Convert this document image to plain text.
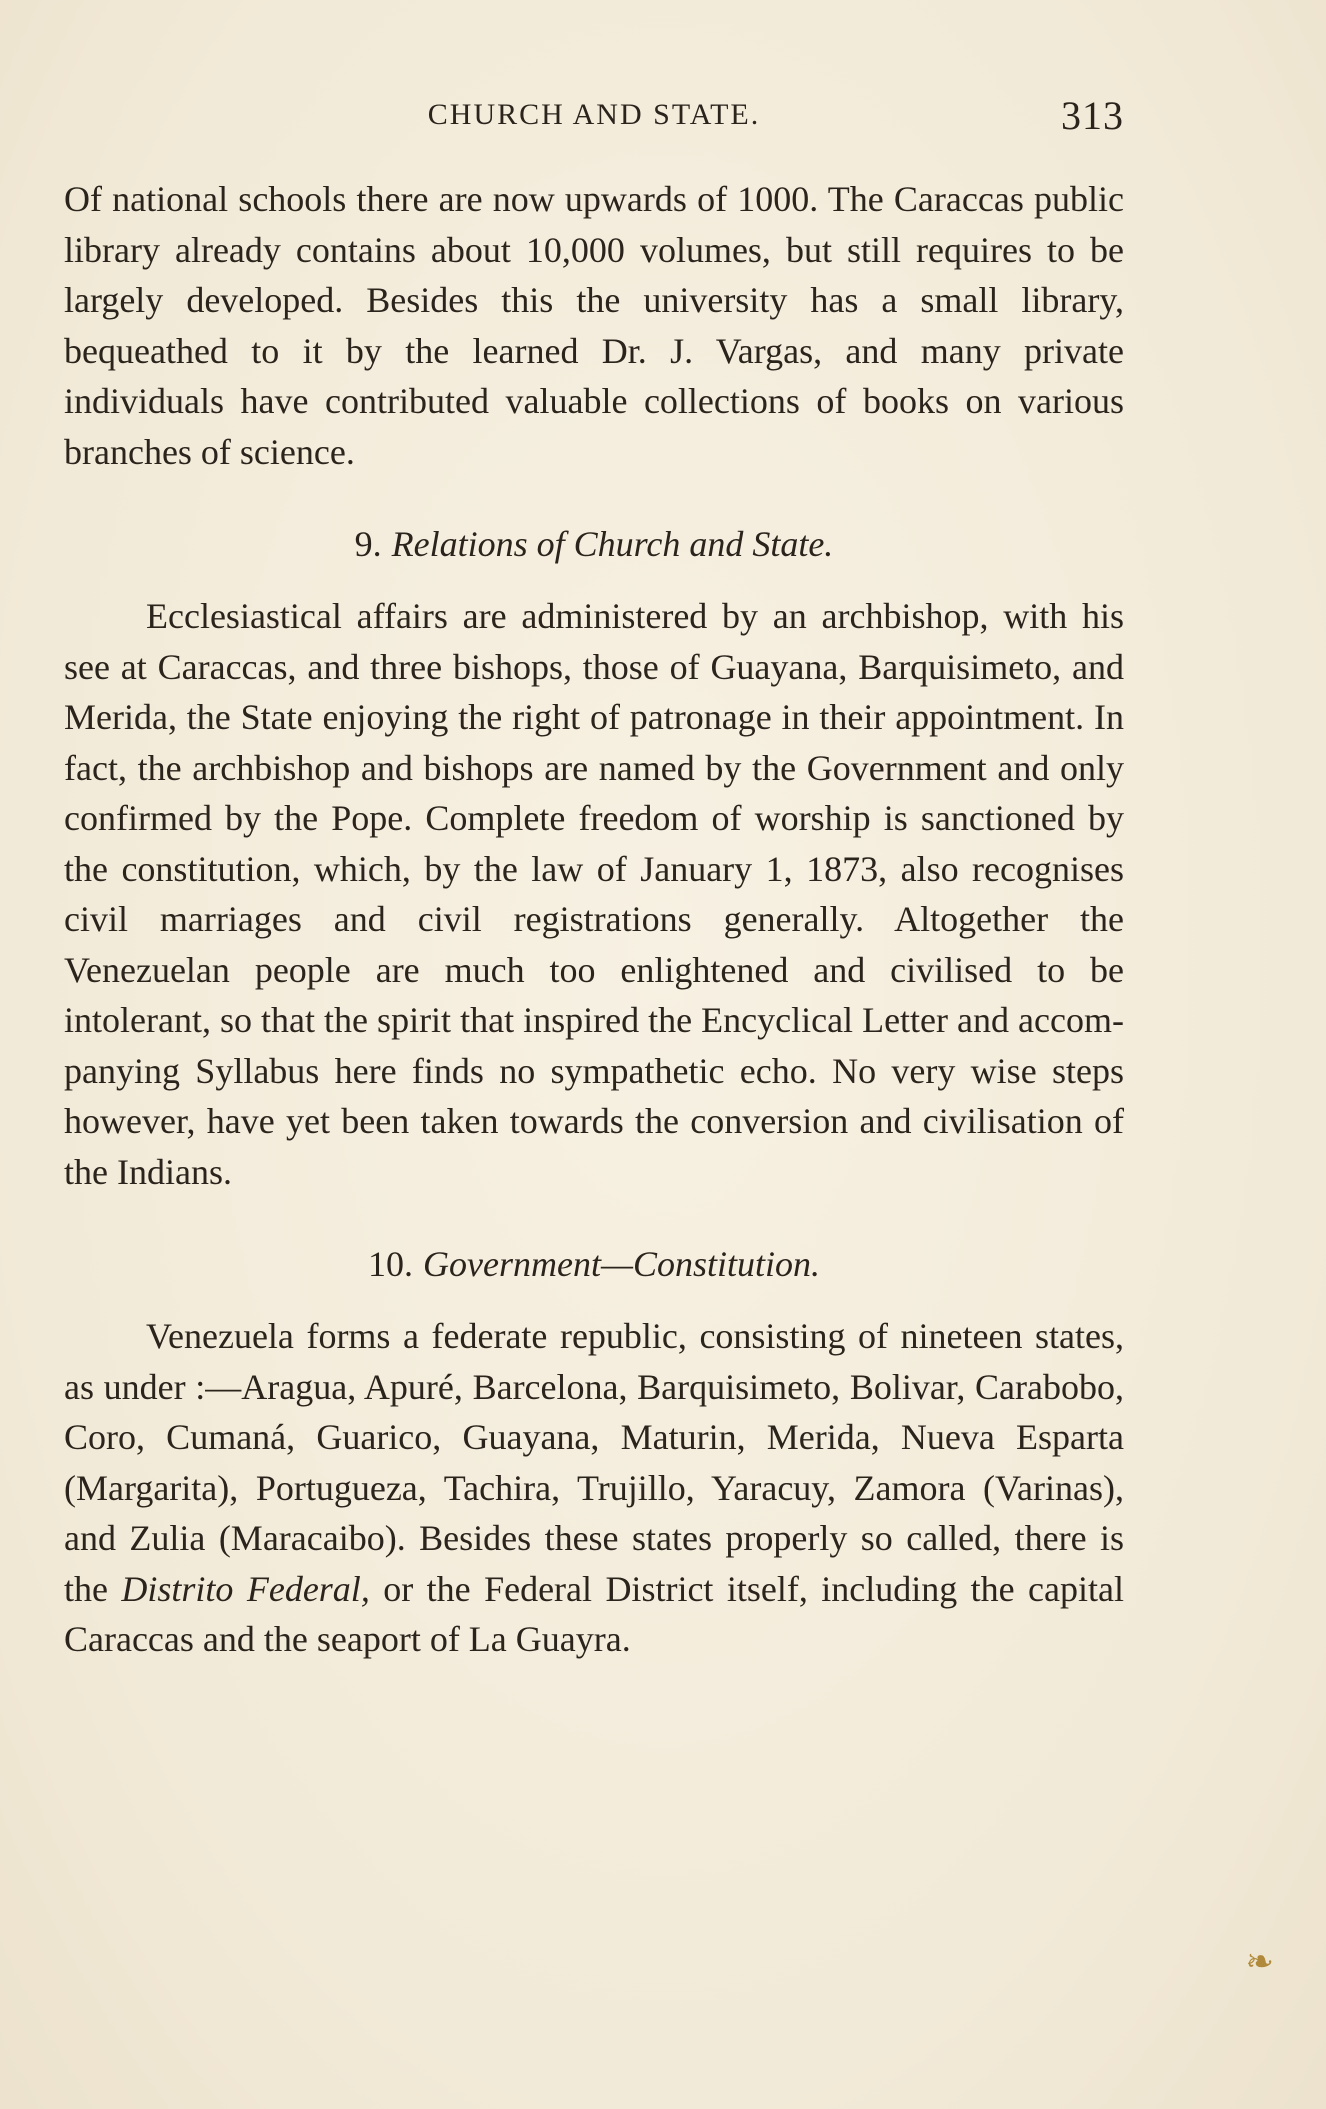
CHURCH AND STATE.	313

Of national schools there are now upwards of 1000. The Caraccas public library already contains about 10,000 volumes, but still requires to be largely developed. Besides this the university has a small library, bequeathed to it by the learned Dr. J. Vargas, and many private individuals have contributed valuable collections of books on various branches of science.

9. Relations of Church and State.

Ecclesiastical affairs are administered by an archbishop, with his see at Caraccas, and three bishops, those of Guayana, Barquisimeto, and Merida, the State enjoying the right of patronage in their appointment. In fact, the archbishop and bishops are named by the Government and only confirmed by the Pope. Complete freedom of worship is sanctioned by the constitution, which, by the law of January 1, 1873, also recognises civil marriages and civil registrations generally. Altogether the Venezuelan people are much too enlightened and civilised to be intolerant, so that the spirit that inspired the Encyclical Letter and accompanying Syllabus here finds no sympathetic echo. No very wise steps however, have yet been taken towards the conversion and civilisation of the Indians.

10. Government—Constitution.

Venezuela forms a federate republic, consisting of nineteen states, as under :—Aragua, Apuré, Barcelona, Barquisimeto, Bolivar, Carabobo, Coro, Cumaná, Guarico, Guayana, Maturin, Merida, Nueva Esparta (Margarita), Portugueza, Tachira, Trujillo, Yaracuy, Zamora (Varinas), and Zulia (Maracaibo). Besides these states properly so called, there is the Distrito Federal, or the Federal District itself, including the capital Caraccas and the seaport of La Guayra.

❧
